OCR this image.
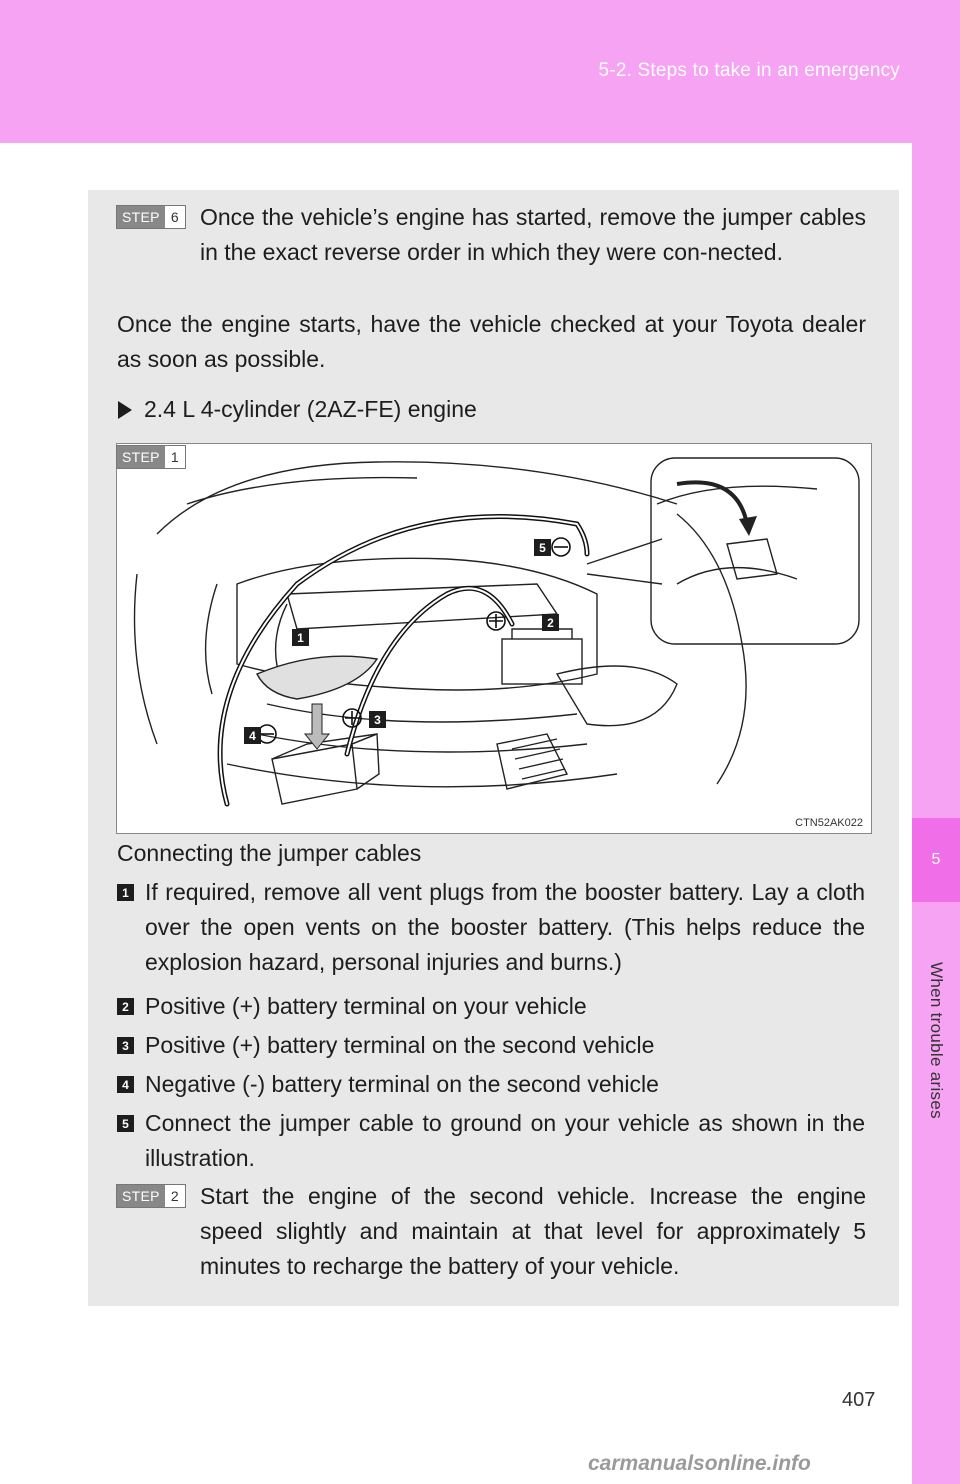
5-2. Steps to take in an emergency
5
When trouble arises
STEP 6 Once the vehicle’s engine has started, remove the jumper cables in the exact reverse order in which they were con-nected.
Once the engine starts, have the vehicle checked at your Toyota dealer as soon as possible.
2.4 L 4-cylinder (2AZ-FE) engine
5
2
1
3
4
CTN52AK022
STEP 1
Connecting the jumper cables
1 If required, remove all vent plugs from the booster battery. Lay a cloth over the open vents on the booster battery. (This helps reduce the explosion hazard, personal injuries and burns.)
2 Positive (+) battery terminal on your vehicle
3 Positive (+) battery terminal on the second vehicle
4 Negative (-) battery terminal on the second vehicle
5 Connect the jumper cable to ground on your vehicle as shown in the illustration.
STEP 2 Start the engine of the second vehicle. Increase the engine speed slightly and maintain at that level for approximately 5 minutes to recharge the battery of your vehicle.
407
carmanualsonline.info
